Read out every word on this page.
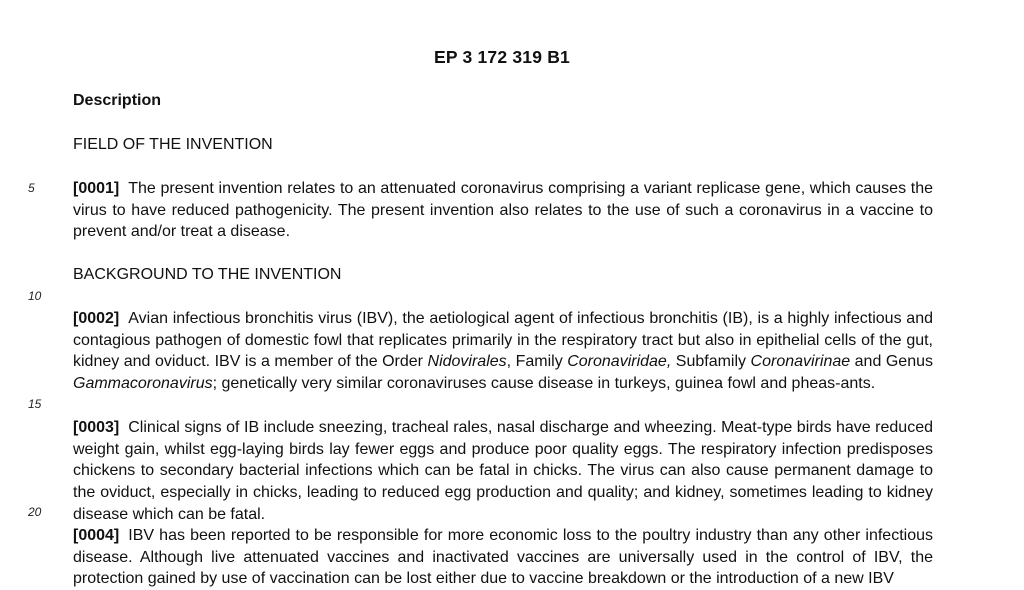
EP 3 172 319 B1
Description
FIELD OF THE INVENTION
5 [0001] The present invention relates to an attenuated coronavirus comprising a variant replicase gene, which causes the virus to have reduced pathogenicity. The present invention also relates to the use of such a coronavirus in a vaccine to prevent and/or treat a disease.
BACKGROUND TO THE INVENTION
10
[0002] Avian infectious bronchitis virus (IBV), the aetiological agent of infectious bronchitis (IB), is a highly infectious and contagious pathogen of domestic fowl that replicates primarily in the respiratory tract but also in epithelial cells of the gut, kidney and oviduct. IBV is a member of the Order Nidovirales, Family Coronaviridae, Subfamily Coronavirinae and Genus Gammacoronavirus; genetically very similar coronaviruses cause disease in turkeys, guinea fowl and pheas-ants.
15
[0003] Clinical signs of IB include sneezing, tracheal rales, nasal discharge and wheezing. Meat-type birds have reduced weight gain, whilst egg-laying birds lay fewer eggs and produce poor quality eggs. The respiratory infection predisposes chickens to secondary bacterial infections which can be fatal in chicks. The virus can also cause permanent damage to the oviduct, especially in chicks, leading to reduced egg production and quality; and kidney, sometimes leading to kidney disease which can be fatal.
20
[0004] IBV has been reported to be responsible for more economic loss to the poultry industry than any other infectious disease. Although live attenuated vaccines and inactivated vaccines are universally used in the control of IBV, the protection gained by use of vaccination can be lost either due to vaccine breakdown or the introduction of a new IBV
